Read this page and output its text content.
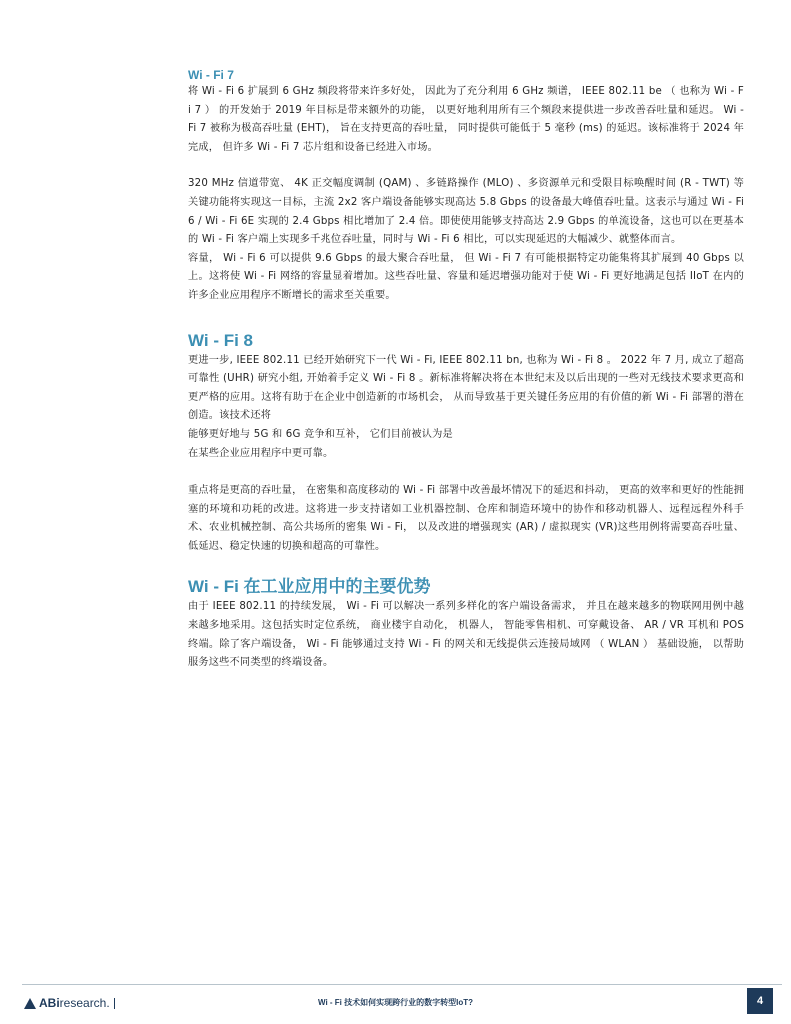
Wi - Fi 7

将 Wi - Fi 6 扩展到 6 GHz 频段将带来许多好处， 因此为了充分利用 6 GHz 频谱， IEEE 802.11 be （ 也称为 Wi - Fi 7 ） 的开发始于 2019 年目标是带来额外的功能， 以更好地利用所有三个频段来提供进一步改善吞吐量和延迟。 Wi - Fi 7 被称为极高吞吐量 (EHT)， 旨在支持更高的吞吐量， 同时提供可能低于 5 毫秒 (ms) 的延迟。该标准将于 2024 年完成， 但许多 Wi - Fi 7 芯片组和设备已经进入市场。

320 MHz 信道带宽、 4K 正交幅度调制 (QAM) 、多链路操作 (MLO) 、多资源单元和受限目标唤醒时间 (R - TWT) 等关键功能将实现这一目标，主流 2x2 客户端设备能够实现高达 5.8 Gbps 的设备最大峰值吞吐量。这表示与通过 Wi - Fi 6 / Wi - Fi 6E 实现的 2.4 Gbps 相比增加了 2.4 倍。即使使用能够支持高达 2.9 Gbps 的单流设备，这也可以在更基本的 Wi - Fi 客户端上实现多千兆位吞吐量，同时与 Wi - Fi 6 相比，可以实现延迟的大幅减少、就整体而言。

容量， Wi - Fi 6 可以提供 9.6 Gbps 的最大聚合吞吐量， 但 Wi - Fi 7 有可能根据特定功能集将其扩展到 40 Gbps 以上。这将使 Wi - Fi 网络的容量显着增加。这些吞吐量、容量和延迟增强功能对于使 Wi - Fi 更好地满足包括 IIoT 在内的许多企业应用程序不断增长的需求至关重要。

Wi - Fi 8

更进一步, IEEE 802.11 已经开始研究下一代 Wi - Fi, IEEE 802.11 bn, 也称为 Wi - Fi 8 。 2022 年 7 月, 成立了超高可靠性 (UHR) 研究小组, 开始着手定义 Wi - Fi 8 。新标准将解决将在本世纪末及以后出现的一些对无线技术要求更高和更严格的应用。这将有助于在企业中创造新的市场机会， 从而导致基于更关键任务应用的有价值的新 Wi - Fi 部署的潜在创造。该技术还将

能够更好地与 5G 和 6G 竞争和互补， 它们目前被认为是

在某些企业应用程序中更可靠。

重点将是更高的吞吐量， 在密集和高度移动的 Wi - Fi 部署中改善最坏情况下的延迟和抖动， 更高的效率和更好的性能拥塞的环境和功耗的改进。这将进一步支持诸如工业机器控制、仓库和制造环境中的协作和移动机器人、远程远程外科手术、农业机械控制、高公共场所的密集 Wi - Fi， 以及改进的增强现实 (AR) / 虚拟现实 (VR)这些用例将需要高吞吐量、低延迟、稳定快速的切换和超高的可靠性。

Wi - Fi 在工业应用中的主要优势

由于 IEEE 802.11 的持续发展， Wi - Fi 可以解决一系列多样化的客户端设备需求， 并且在越来越多的物联网用例中越来越多地采用。这包括实时定位系统， 商业楼宇自动化， 机器人， 智能零售相机、可穿戴设备、 AR / VR 耳机和 POS 终端。除了客户端设备， Wi - Fi 能够通过支持 Wi - Fi 的网关和无线提供云连接局域网 （ WLAN ） 基础设施， 以帮助服务这些不同类型的终端设备。

ABiresearch.	Wi - Fi 技术如何实现跨行业的数字转型IoT?	4
